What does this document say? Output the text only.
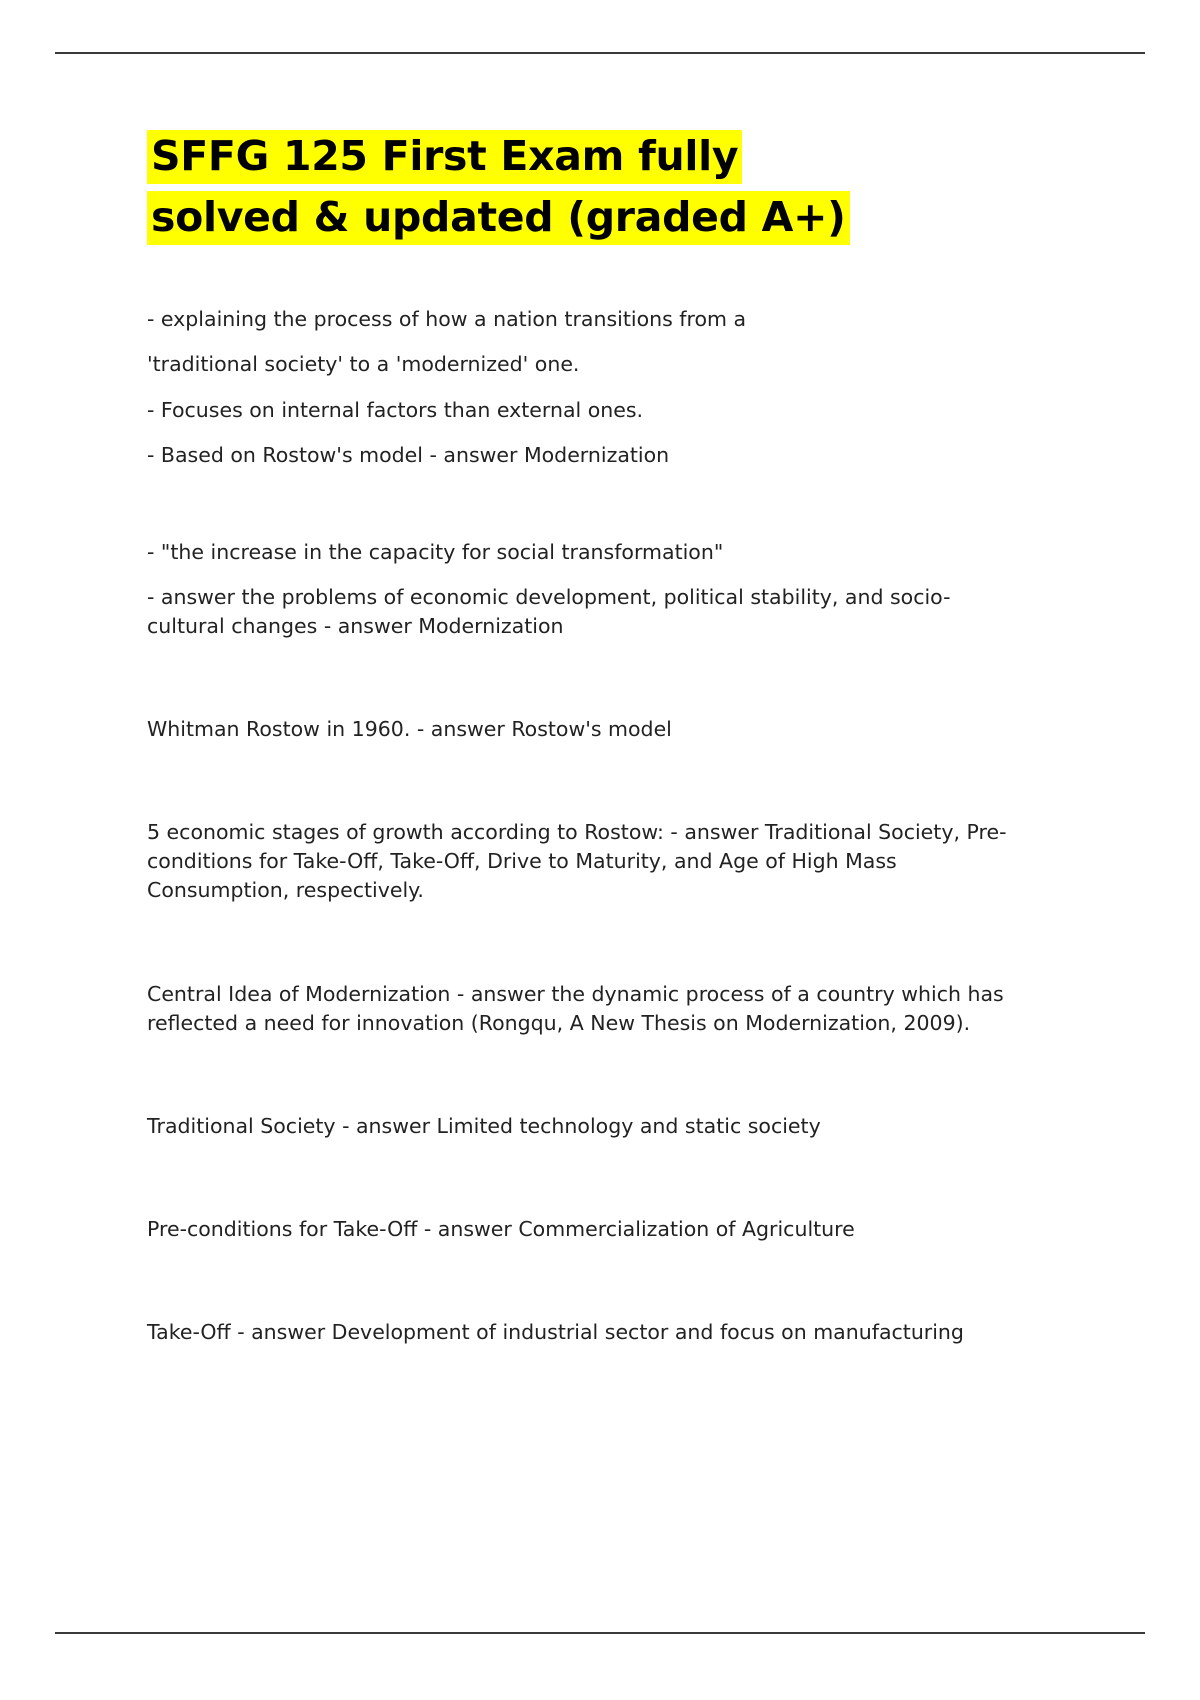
SFFG 125 First Exam fully
solved & updated (graded A+)

- explaining the process of how a nation transitions from a

'traditional society' to a 'modernized' one.

- Focuses on internal factors than external ones.

- Based on Rostow's model - answer Modernization

- "the increase in the capacity for social transformation"

- answer the problems of economic development, political stability, and socio-cultural changes - answer Modernization

Whitman Rostow in 1960. - answer Rostow's model

5 economic stages of growth according to Rostow: - answer Traditional Society, Pre-conditions for Take-Off, Take-Off, Drive to Maturity, and Age of High Mass Consumption, respectively.

Central Idea of Modernization - answer the dynamic process of a country which has reflected a need for innovation (Rongqu, A New Thesis on Modernization, 2009).

Traditional Society - answer Limited technology and static society

Pre-conditions for Take-Off - answer Commercialization of Agriculture

Take-Off - answer Development of industrial sector and focus on manufacturing
